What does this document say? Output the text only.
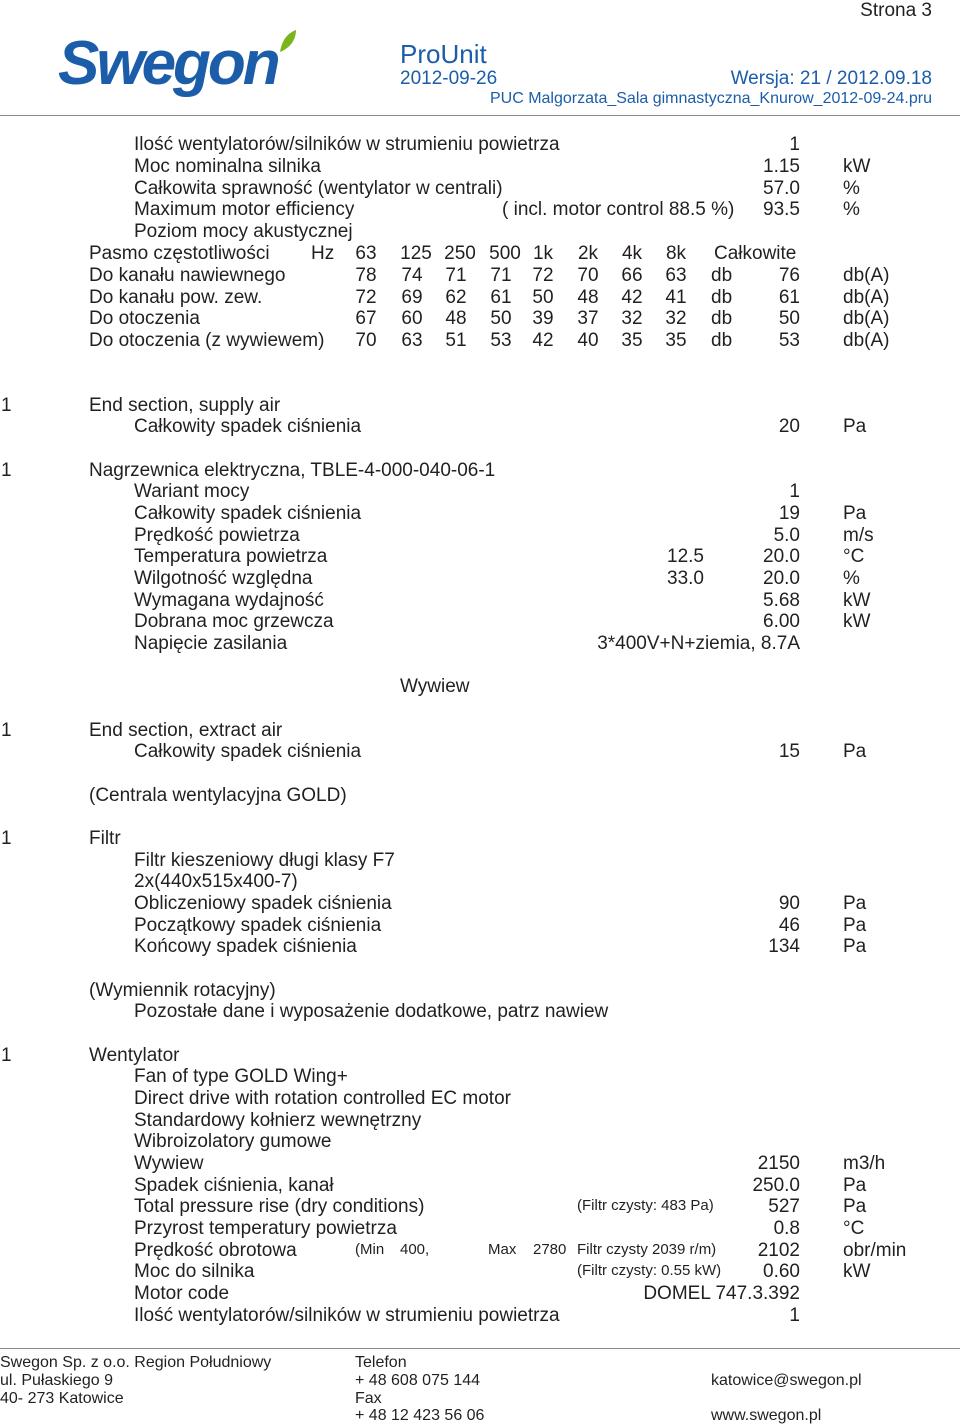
Strona 3
Swegon	ProUnit
2012-09-26	Wersja: 21 / 2012.09.18
PUC Malgorzata_Sala gimnastyczna_Knurow_2012-09-24.pru
Ilość wentylatorów/silników w strumieniu powietrza	1
Moc nominalna silnika	1.15 kW
Całkowita sprawność (wentylator w centrali)	57.0 %
Maximum motor efficiency	( incl. motor control 88.5 %)	93.5 %
Poziom mocy akustycznej
Pasmo częstotliwości Hz	63	125 250 500 1k	2k	4k	8k	Całkowite
Do kanału nawiewnego	78	74	71	71	72	70	66	63	db	76 db(A)
Do kanału pow. zew.	72	69	62	61	50	48	42	41	db	61 db(A)
Do otoczenia	67	60	48	50	39	37	32	32	db	50 db(A)
Do otoczenia (z wywiewem)	70	63	51	53	42	40	35	35	db	53 db(A)
1	End section, supply air
Całkowity spadek ciśnienia	20 Pa
1	Nagrzewnica elektryczna, TBLE-4-000-040-06-1
Wariant mocy	1
Całkowity spadek ciśnienia	19 Pa
Prędkość powietrza	5.0 m/s
Temperatura powietrza	12.5	20.0 °C
Wilgotność względna	33.0	20.0 %
Wymagana wydajność	5.68 kW
Dobrana moc grzewcza	6.00 kW
Napięcie zasilania	3*400V+N+ziemia, 8.7A
Wywiew
1	End section, extract air
Całkowity spadek ciśnienia	15 Pa
(Centrala wentylacyjna GOLD)
1	Filtr
Filtr kieszeniowy długi klasy F7
2x(440x515x400-7)
Obliczeniowy spadek ciśnienia	90 Pa
Początkowy spadek ciśnienia	46 Pa
Końcowy spadek ciśnienia	134 Pa
(Wymiennik rotacyjny)
Pozostałe dane i wyposażenie dodatkowe, patrz nawiew
1	Wentylator
Fan of type GOLD Wing+
Direct drive with rotation controlled EC motor
Standardowy kołnierz wewnętrzny
Wibroizolatory gumowe
Wywiew	2150 m3/h
Spadek ciśnienia, kanał	250.0 Pa
Total pressure rise (dry conditions)	(Filtr czysty: 483 Pa)	527 Pa
Przyrost temperatury powietrza	0.8 °C
Prędkość obrotowa	(Min 400,	Max 2780 Filtr czysty 2039 r/m)	2102 obr/min
Moc do silnika	(Filtr czysty: 0.55 kW)	0.60 kW
Motor code	DOMEL 747.3.392
Ilość wentylatorów/silników w strumieniu powietrza	1
Swegon Sp. z o.o. Region Południowy
ul. Pułaskiego 9
40- 273 Katowice
Telefon
+ 48 608 075 144
Fax
+ 48 12 423 56 06
katowice@swegon.pl
www.swegon.pl
